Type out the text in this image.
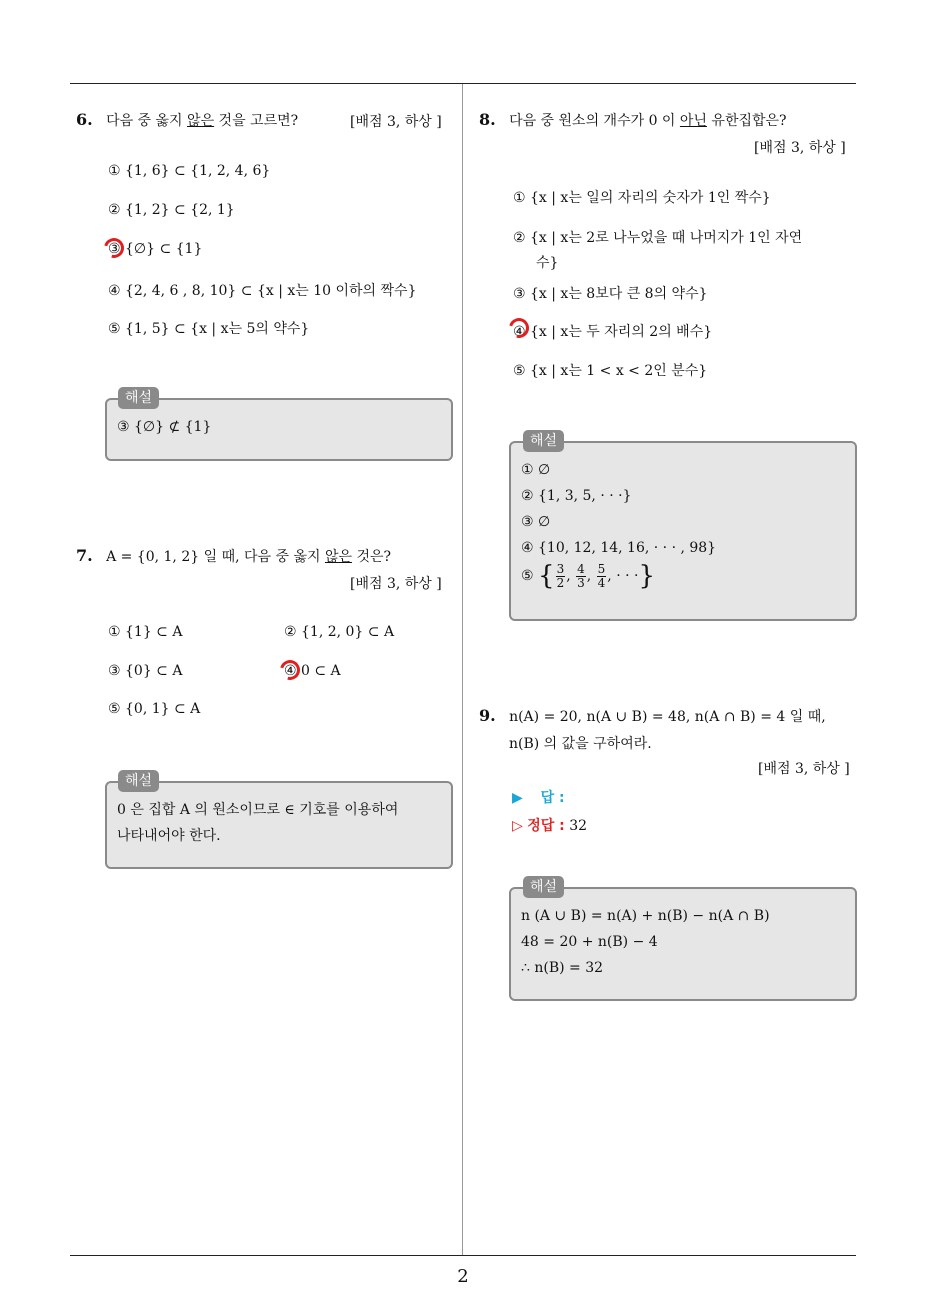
6. 다음 중 옳지 않은 것을 고르면?	[배점 3, 하상 ]
① {1, 6} ⊂ {1, 2, 4, 6}
② {1, 2} ⊂ {2, 1}
③ {∅} ⊂ {1}
④ {2, 4, 6 , 8, 10} ⊂ {x | x는 10 이하의 짝수}
⑤ {1, 5} ⊂ {x | x는 5의 약수}
③ {∅} ⊄ {1}
해설
7. A = {0, 1, 2} 일 때, 다음 중 옳지 않은 것은?
[배점 3, 하상 ]
① {1} ⊂ A	② {1, 2, 0} ⊂ A
③ {0} ⊂ A	④ 0 ⊂ A
⑤ {0, 1} ⊂ A
0 은 집합 A 의 원소이므로 ∈ 기호를 이용하여
나타내어야 한다.
해설
8. 다음 중 원소의 개수가 0 이 아닌 유한집합은?
[배점 3, 하상 ]
① {x | x는 일의 자리의 숫자가 1인 짝수}
② {x | x는 2로 나누었을 때 나머지가 1인 자연
수}
③ {x | x는 8보다 큰 8의 약수}
④ {x | x는 두 자리의 2의 배수}
⑤ {x | x는 1 < x < 2인 분수}
① ∅
② {1, 3, 5, · · ·}
③ ∅
④ {10, 12, 14, 16, · · · , 98}
⑤ { $\frac{3}{2}$ , $\frac{4}{3}$ , $\frac{5}{4}$ , · · ·}
해설
9. n(A) = 20, n(A ∪ B) = 48, n(A ∩ B) = 4 일 때,
n(B) 의 값을 구하여라.
[배점 3, 하상 ]
▶ 답 :
▷ 정답 : 32
n (A ∪ B) = n(A) + n(B) − n(A ∩ B)
48 = 20 + n(B) − 4
∴ n(B) = 32
해설
2
